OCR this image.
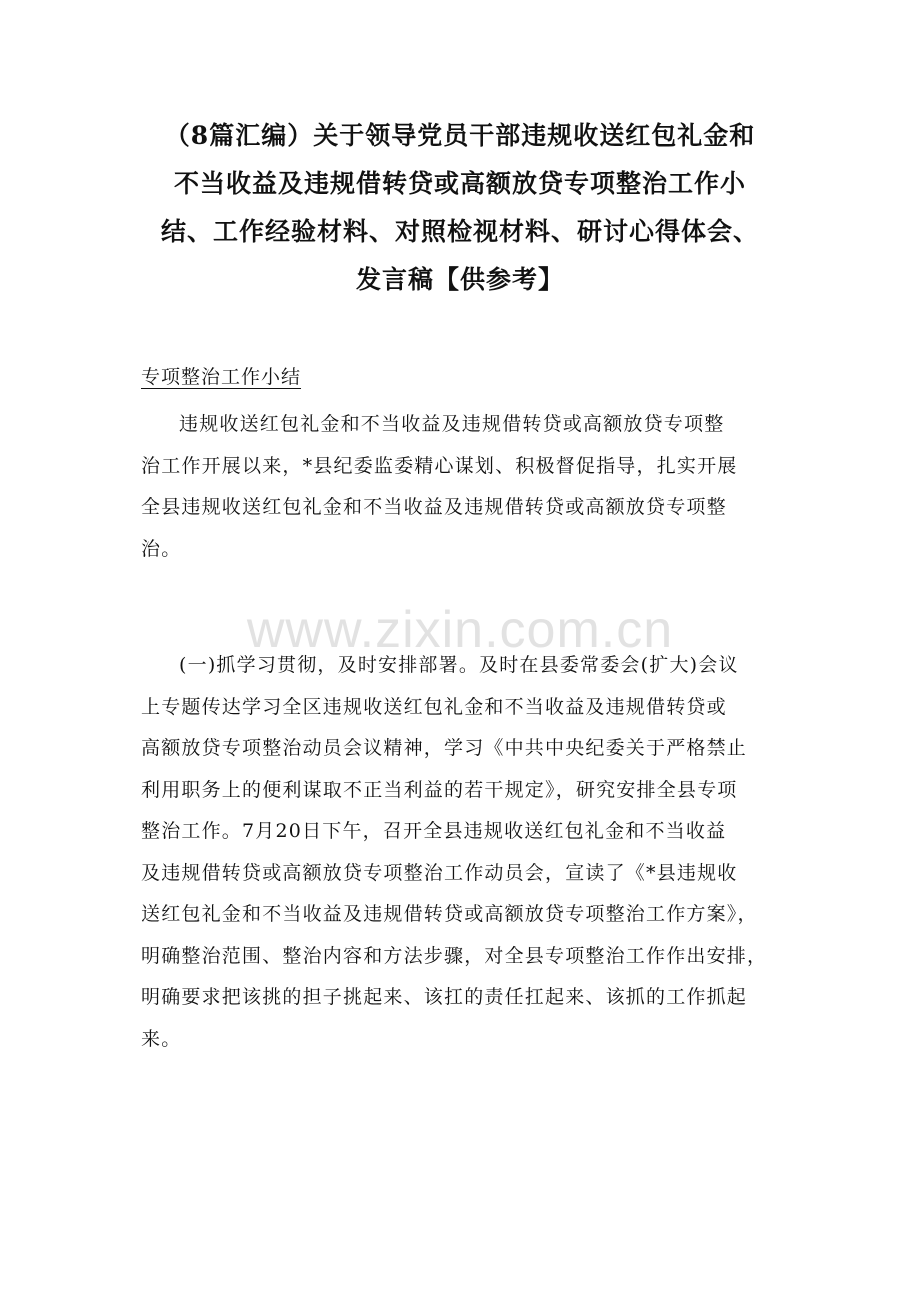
（8篇汇编）关于领导党员干部违规收送红包礼金和
不当收益及违规借转贷或高额放贷专项整治工作小
结、工作经验材料、对照检视材料、研讨心得体会、
发言稿【供参考】
专项整治工作小结

违规收送红包礼金和不当收益及违规借转贷或高额放贷专项整
治工作开展以来，*县纪委监委精心谋划、积极督促指导，扎实开展
全县违规收送红包礼金和不当收益及违规借转贷或高额放贷专项整
治。

www.zixin.com.cn

(一)抓学习贯彻，及时安排部署。及时在县委常委会(扩大)会议
上专题传达学习全区违规收送红包礼金和不当收益及违规借转贷或
高额放贷专项整治动员会议精神，学习《中共中央纪委关于严格禁止
利用职务上的便利谋取不正当利益的若干规定》，研究安排全县专项
整治工作。7月20日下午，召开全县违规收送红包礼金和不当收益
及违规借转贷或高额放贷专项整治工作动员会，宣读了《*县违规收
送红包礼金和不当收益及违规借转贷或高额放贷专项整治工作方案》，
明确整治范围、整治内容和方法步骤，对全县专项整治工作作出安排，
明确要求把该挑的担子挑起来、该扛的责任扛起来、该抓的工作抓起
来。
